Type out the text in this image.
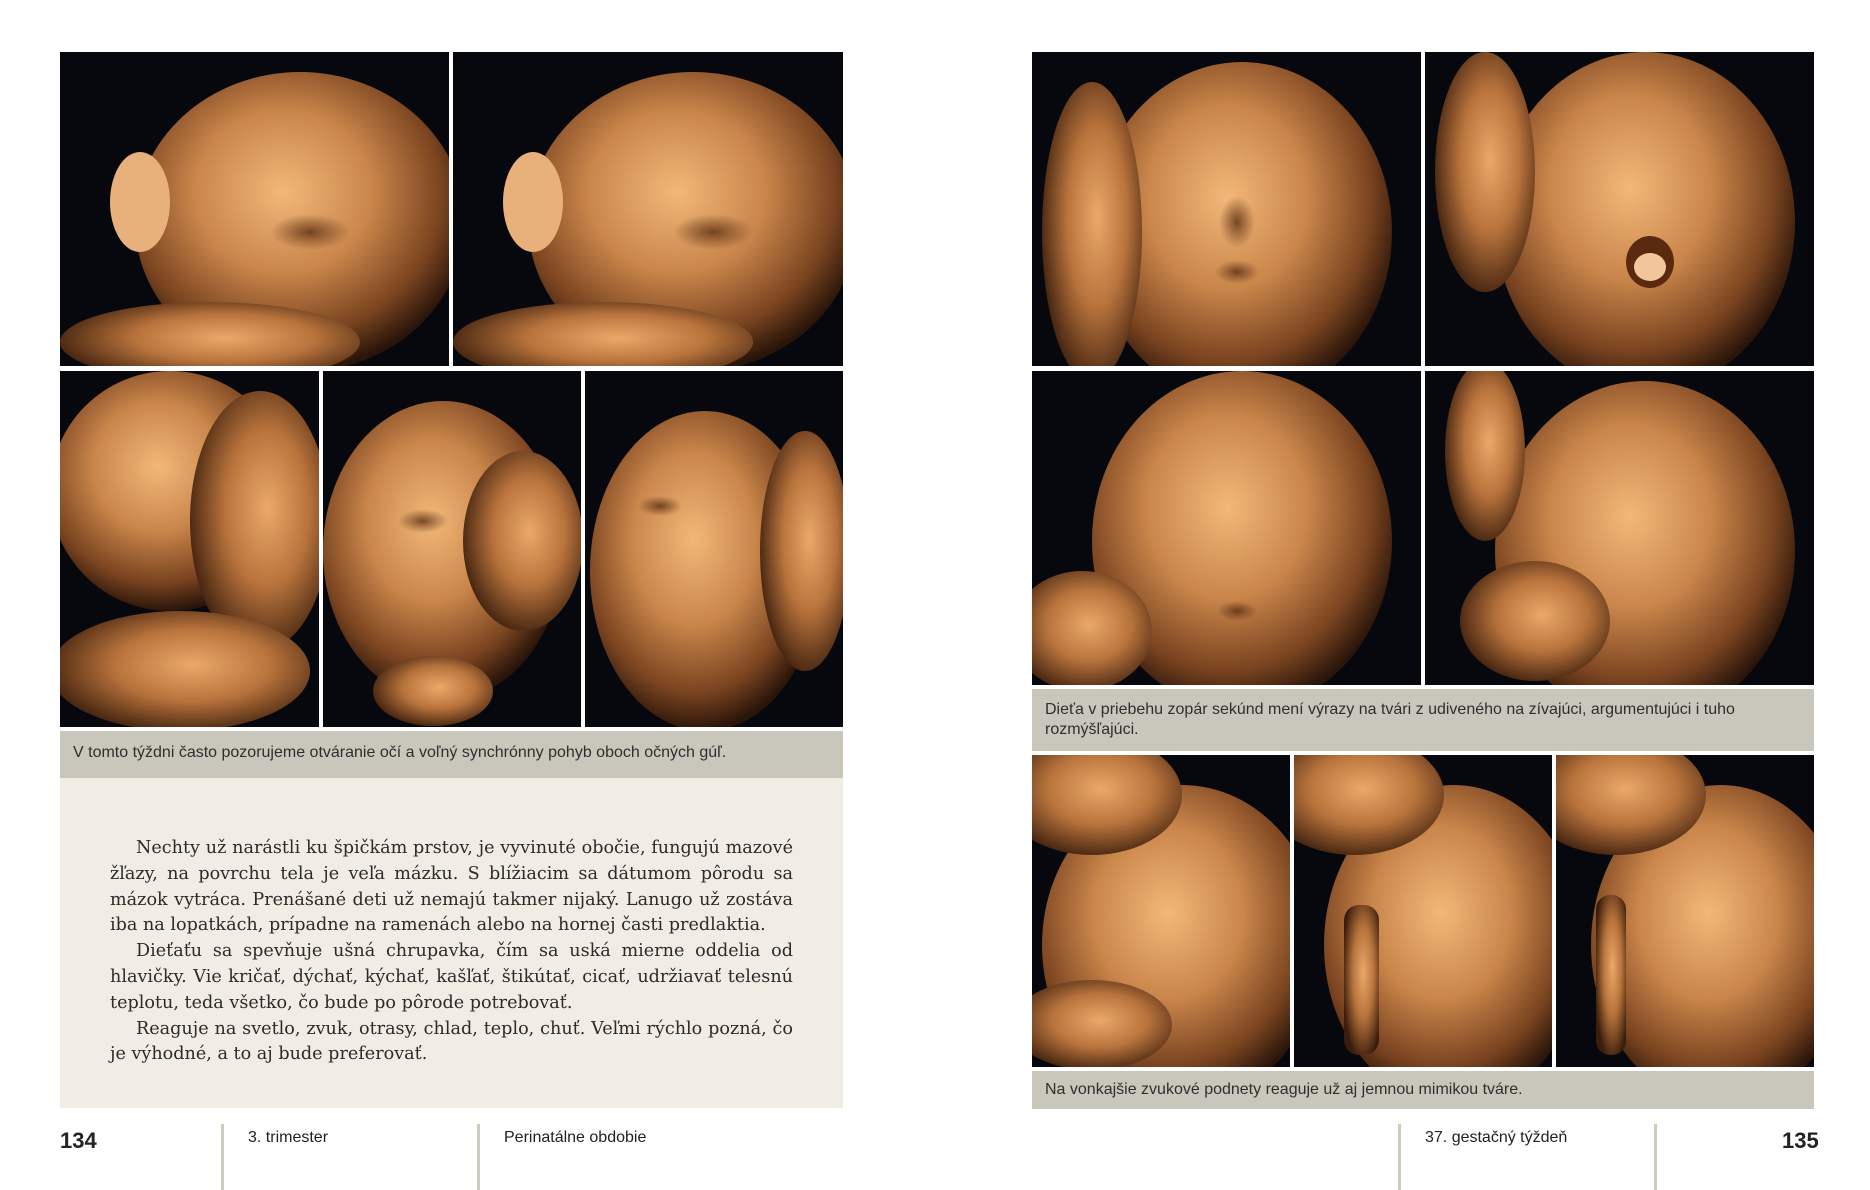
V tomto týždni často pozorujeme otváranie očí a voľný synchrónny pohyb oboch očných gúľ.

Nechty už narástli ku špičkám prstov, je vyvinuté obočie, fungujú mazové žľazy, na povrchu tela je veľa mázku. S blížiacim sa dátumom pôrodu sa mázok vytráca. Prenášané deti už nemajú takmer nijaký. Lanugo už zostáva iba na lopatkách, prípadne na ramenách alebo na hornej časti predlaktia.

Dieťaťu sa spevňuje ušná chrupavka, čím sa uská mierne oddelia od hlavičky. Vie kričať, dýchať, kýchať, kašľať, štikútať, cicať, udržiavať telesnú teplotu, teda všetko, čo bude po pôrode potrebovať.

Reaguje na svetlo, zvuk, otrasy, chlad, teplo, chuť. Veľmi rýchlo pozná, čo je výhodné, a to aj bude preferovať.

134	3. trimester	Perinatálne obdobie
Dieťa v priebehu zopár sekúnd mení výrazy na tvári z udiveného na zívajúci, argumentujúci i tuho rozmýšľajúci.
Na vonkajšie zvukové podnety reaguje už aj jemnou mimikou tváre.
37. gestačný týždeň	135
